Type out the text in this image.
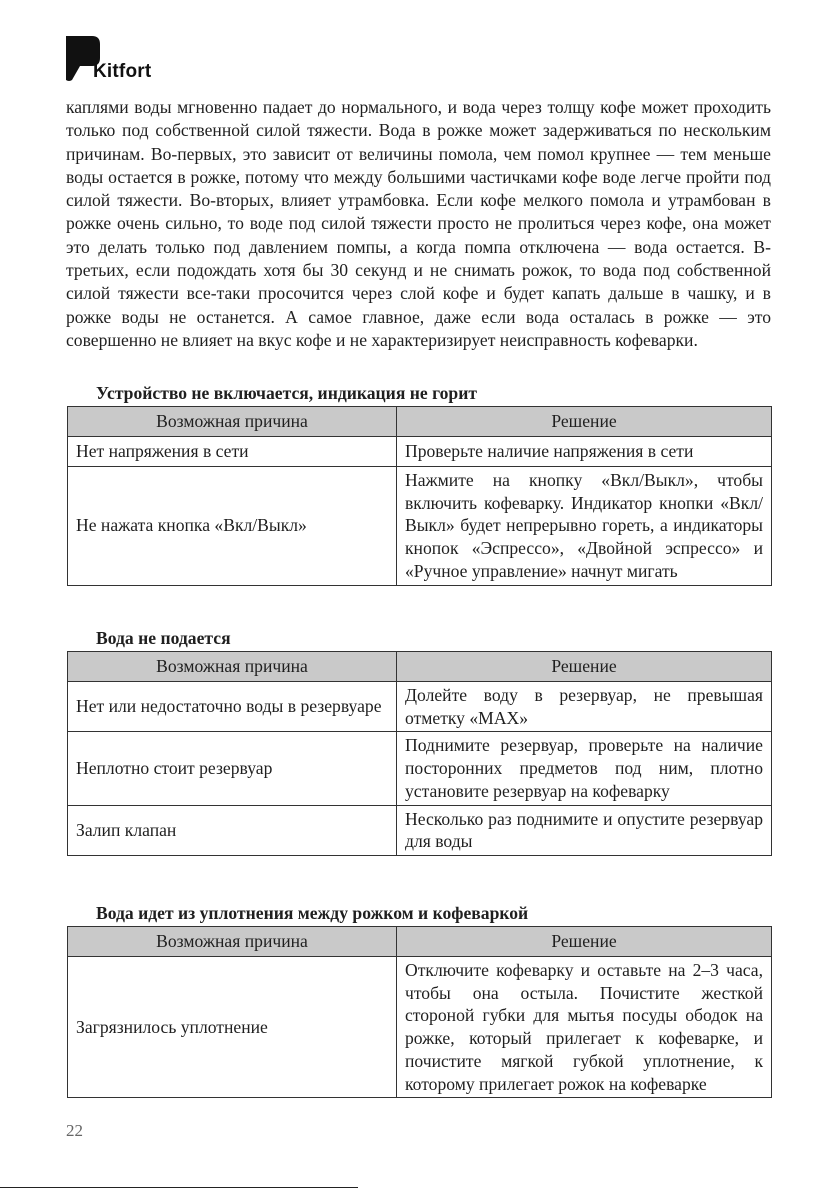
Kitfort

каплями воды мгновенно падает до нормального, и вода через толщу кофе может проходить только под собственной силой тяжести. Вода в рожке может задерживаться по нескольким причинам. Во-первых, это зависит от величины помола, чем помол крупнее — тем меньше воды остается в рожке, потому что между большими частичками кофе воде легче пройти под силой тяжести. Во-вторых, влияет утрамбовка. Если кофе мелкого помола и утрамбован в рожке очень сильно, то воде под силой тяжести просто не пролиться через кофе, она может это делать только под давлением помпы, а когда помпа отключена — вода остается. В-третьих, если подождать хотя бы 30 секунд и не снимать рожок, то вода под собственной силой тяжести все-таки просочится через слой кофе и будет капать дальше в чашку, и в рожке воды не останется. А самое главное, даже если вода осталась в рожке — это совершенно не влияет на вкус кофе и не характеризирует неисправность кофеварки.

Устройство не включается, индикация не горит
Возможная причина	Решение
Нет напряжения в сети	Проверьте наличие напряжения в сети
Не нажата кнопка «Вкл/Выкл»	Нажмите на кнопку «Вкл/Выкл», чтобы включить кофеварку. Индикатор кнопки «Вкл/Выкл» будет непрерывно гореть, а индикаторы кнопок «Эспрессо», «Двойной эспрессо» и «Ручное управление» начнут мигать
Вода не подается
Возможная причина	Решение
Нет или недостаточно воды в резервуаре	Долейте воду в резервуар, не превышая отметку «MAX»
Неплотно стоит резервуар	Поднимите резервуар, проверьте на наличие посторонних предметов под ним, плотно установите резервуар на кофеварку
Залип клапан	Несколько раз поднимите и опустите резервуар для воды
Вода идет из уплотнения между рожком и кофеваркой
Возможная причина	Решение
Загрязнилось уплотнение	Отключите кофеварку и оставьте на 2–3 часа, чтобы она остыла. Почистите жесткой стороной губки для мытья посуды ободок на рожке, который прилегает к кофеварке, и почистите мягкой губкой уплотнение, к которому прилегает рожок на кофеварке
22
